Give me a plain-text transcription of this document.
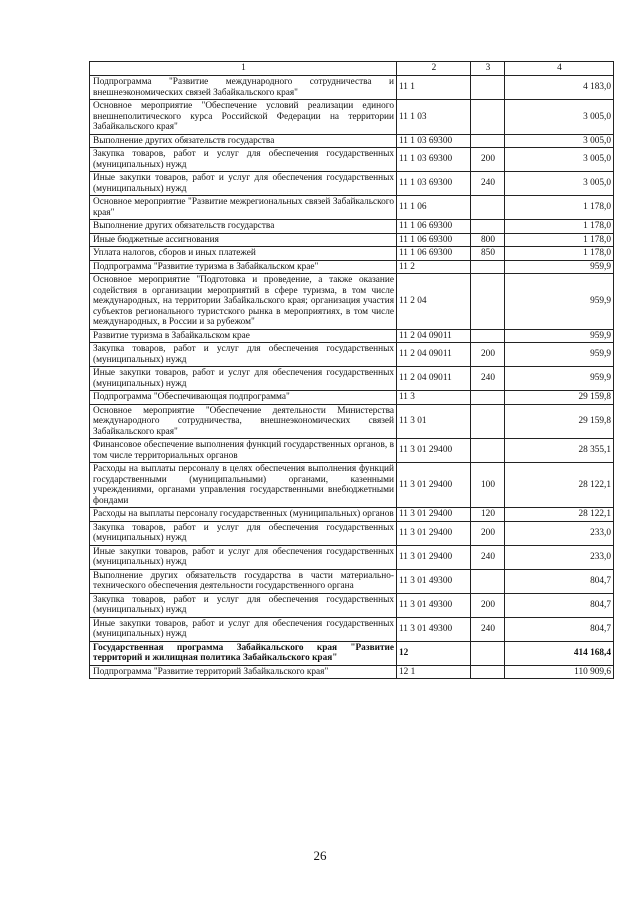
1	2	3	4
Подпрограмма "Развитие международного сотрудничества и внешнеэкономических связей Забайкальского края"	11 1		4 183,0
Основное мероприятие "Обеспечение условий реализации единого внешнеполитического курса Российской Федерации на территории Забайкальского края"	11 1 03		3 005,0
Выполнение других обязательств государства	11 1 03 69300		3 005,0
Закупка товаров, работ и услуг для обеспечения государственных (муниципальных) нужд	11 1 03 69300	200	3 005,0
Иные закупки товаров, работ и услуг для обеспечения государственных (муниципальных) нужд	11 1 03 69300	240	3 005,0
Основное мероприятие "Развитие межрегиональных связей Забайкальского края"	11 1 06		1 178,0
Выполнение других обязательств государства	11 1 06 69300		1 178,0
Иные бюджетные ассигнования	11 1 06 69300	800	1 178,0
Уплата налогов, сборов и иных платежей	11 1 06 69300	850	1 178,0
Подпрограмма "Развитие туризма в Забайкальском крае"	11 2		959,9
Основное мероприятие "Подготовка и проведение, а также оказание содействия в организации мероприятий в сфере туризма, в том числе международных, на территории Забайкальского края; организация участия субъектов регионального туристского рынка в мероприятиях, в том числе международных, в России и за рубежом"	11 2 04		959,9
Развитие туризма в Забайкальском крае	11 2 04 09011		959,9
Закупка товаров, работ и услуг для обеспечения государственных (муниципальных) нужд	11 2 04 09011	200	959,9
Иные закупки товаров, работ и услуг для обеспечения государственных (муниципальных) нужд	11 2 04 09011	240	959,9
Подпрограмма "Обеспечивающая подпрограмма"	11 3		29 159,8
Основное мероприятие "Обеспечение деятельности Министерства международного сотрудничества, внешнеэкономических связей Забайкальского края"	11 3 01		29 159,8
Финансовое обеспечение выполнения функций государственных органов, в том числе территориальных органов	11 3 01 29400		28 355,1
Расходы на выплаты персоналу в целях обеспечения выполнения функций государственными (муниципальными) органами, казенными учреждениями, органами управления государственными внебюджетными фондами	11 3 01 29400	100	28 122,1
Расходы на выплаты персоналу государственных (муниципальных) органов	11 3 01 29400	120	28 122,1
Закупка товаров, работ и услуг для обеспечения государственных (муниципальных) нужд	11 3 01 29400	200	233,0
Иные закупки товаров, работ и услуг для обеспечения государственных (муниципальных) нужд	11 3 01 29400	240	233,0
Выполнение других обязательств государства в части материально-технического обеспечения деятельности государственного органа	11 3 01 49300		804,7
Закупка товаров, работ и услуг для обеспечения государственных (муниципальных) нужд	11 3 01 49300	200	804,7
Иные закупки товаров, работ и услуг для обеспечения государственных (муниципальных) нужд	11 3 01 49300	240	804,7
Государственная программа Забайкальского края "Развитие территорий и жилищная политика Забайкальского края"	12		414 168,4
Подпрограмма "Развитие территорий Забайкальского края"	12 1		110 909,6
26
